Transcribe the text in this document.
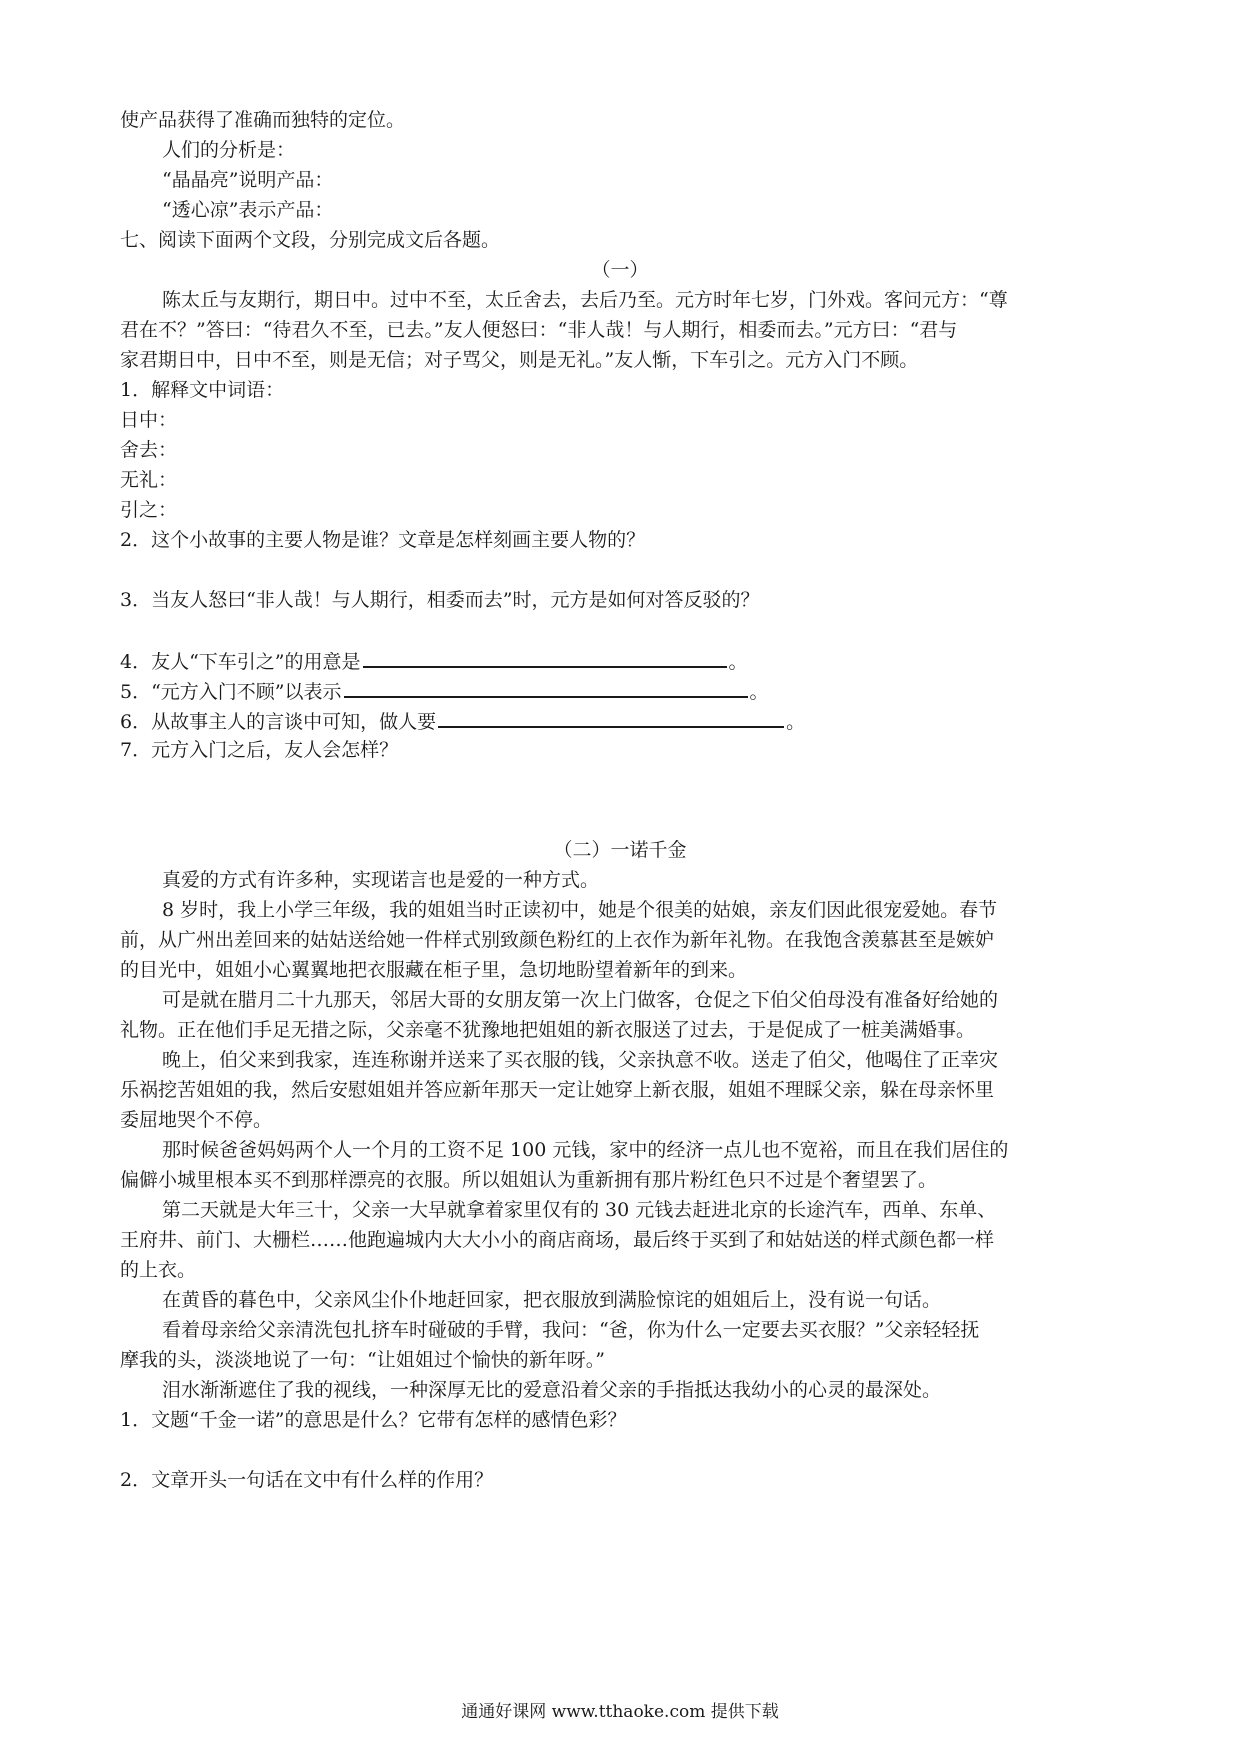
使产品获得了准确而独特的定位。
人们的分析是：
“晶晶亮”说明产品：
“透心凉”表示产品：
七、阅读下面两个文段，分别完成文后各题。
（一）
陈太丘与友期行，期日中。过中不至，太丘舍去，去后乃至。元方时年七岁，门外戏。客问元方：“尊
君在不？”答曰：“待君久不至，已去。”友人便怒曰：“非人哉！与人期行，相委而去。”元方曰：“君与
家君期日中，日中不至，则是无信；对子骂父，则是无礼。”友人惭，下车引之。元方入门不顾。
1．解释文中词语：
日中：
舍去：
无礼：
引之：
2．这个小故事的主要人物是谁？文章是怎样刻画主要人物的？
3．当友人怒曰“非人哉！与人期行，相委而去”时，元方是如何对答反驳的？
4．友人“下车引之”的用意是	。
5．“元方入门不顾”以表示	。
6．从故事主人的言谈中可知，做人要	。
7．元方入门之后，友人会怎样？
（二）一诺千金
真爱的方式有许多种，实现诺言也是爱的一种方式。
8 岁时，我上小学三年级，我的姐姐当时正读初中，她是个很美的姑娘，亲友们因此很宠爱她。春节
前，从广州出差回来的姑姑送给她一件样式别致颜色粉红的上衣作为新年礼物。在我饱含羡慕甚至是嫉妒
的目光中，姐姐小心翼翼地把衣服藏在柜子里，急切地盼望着新年的到来。
可是就在腊月二十九那天，邻居大哥的女朋友第一次上门做客，仓促之下伯父伯母没有准备好给她的
礼物。正在他们手足无措之际，父亲毫不犹豫地把姐姐的新衣服送了过去，于是促成了一桩美满婚事。
晚上，伯父来到我家，连连称谢并送来了买衣服的钱，父亲执意不收。送走了伯父，他喝住了正幸灾
乐祸挖苦姐姐的我，然后安慰姐姐并答应新年那天一定让她穿上新衣服，姐姐不理睬父亲，躲在母亲怀里
委屈地哭个不停。
那时候爸爸妈妈两个人一个月的工资不足 100 元钱，家中的经济一点儿也不宽裕，而且在我们居住的
偏僻小城里根本买不到那样漂亮的衣服。所以姐姐认为重新拥有那片粉红色只不过是个奢望罢了。
第二天就是大年三十，父亲一大早就拿着家里仅有的 30 元钱去赶进北京的长途汽车，西单、东单、
王府井、前门、大栅栏……他跑遍城内大大小小的商店商场，最后终于买到了和姑姑送的样式颜色都一样
的上衣。
在黄昏的暮色中，父亲风尘仆仆地赶回家，把衣服放到满脸惊诧的姐姐后上，没有说一句话。
看着母亲给父亲清洗包扎挤车时碰破的手臂，我问：“爸，你为什么一定要去买衣服？”父亲轻轻抚
摩我的头，淡淡地说了一句：“让姐姐过个愉快的新年呀。”
泪水渐渐遮住了我的视线，一种深厚无比的爱意沿着父亲的手指抵达我幼小的心灵的最深处。
1．文题“千金一诺”的意思是什么？它带有怎样的感情色彩？
2．文章开头一句话在文中有什么样的作用？
通通好课网 www.tthaoke.com 提供下载
